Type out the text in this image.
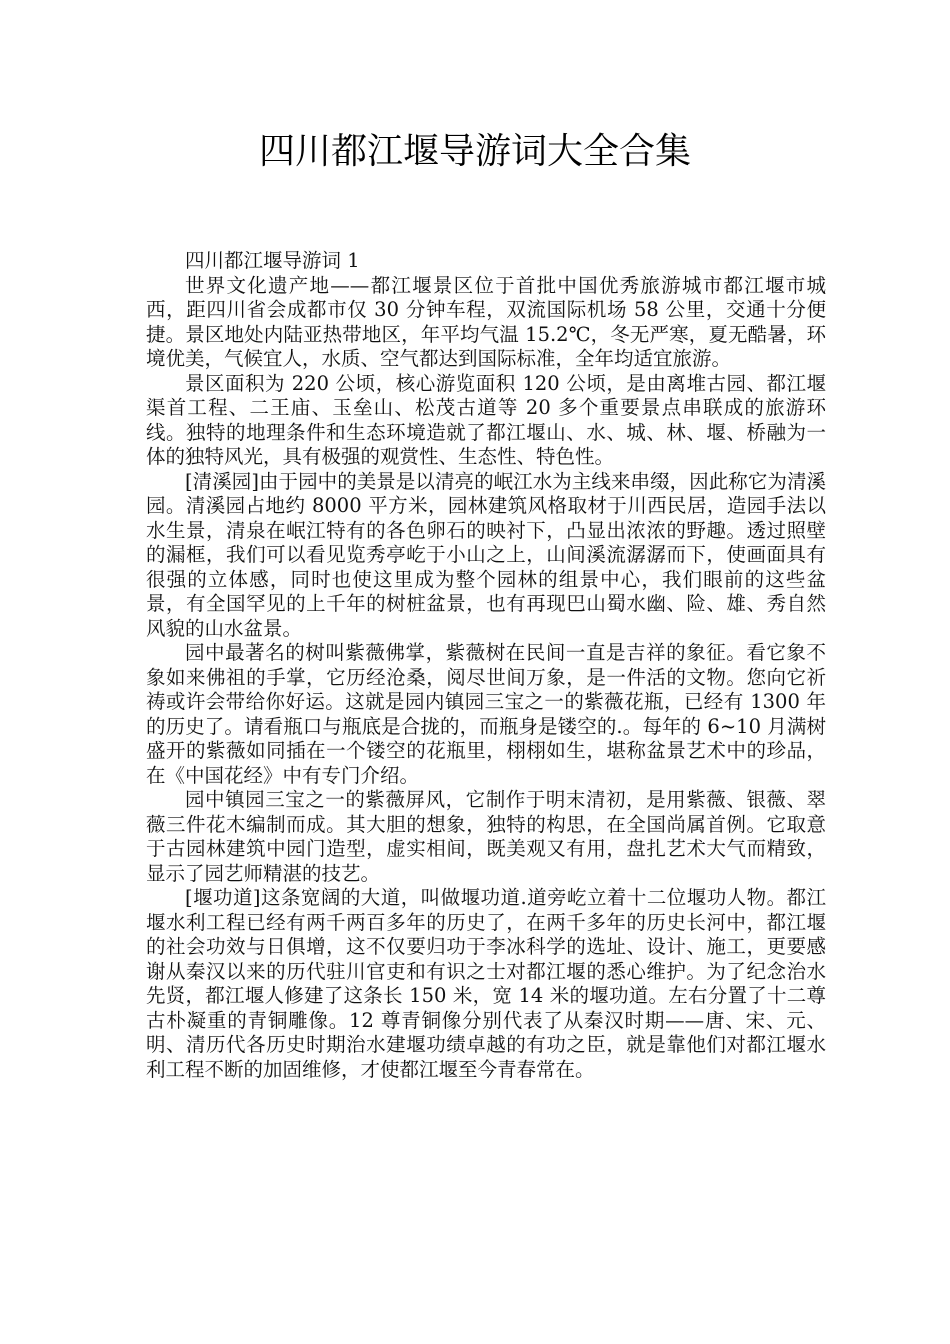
四川都江堰导游词大全合集

四川都江堰导游词 1

世界文化遗产地——都江堰景区位于首批中国优秀旅游城市都江堰市城西，距四川省会成都市仅 30 分钟车程，双流国际机场 58 公里，交通十分便捷。景区地处内陆亚热带地区，年平均气温 15.2℃，冬无严寒，夏无酷暑，环境优美，气候宜人，水质、空气都达到国际标准，全年均适宜旅游。

景区面积为 220 公顷，核心游览面积 120 公顷，是由离堆古园、都江堰渠首工程、二王庙、玉垒山、松茂古道等 20 多个重要景点串联成的旅游环线。独特的地理条件和生态环境造就了都江堰山、水、城、林、堰、桥融为一体的独特风光，具有极强的观赏性、生态性、特色性。

[清溪园]由于园中的美景是以清亮的岷江水为主线来串缀，因此称它为清溪园。清溪园占地约 8000 平方米，园林建筑风格取材于川西民居，造园手法以水生景，清泉在岷江特有的各色卵石的映衬下，凸显出浓浓的野趣。透过照壁的漏框，我们可以看见览秀亭屹于小山之上，山间溪流潺潺而下，使画面具有很强的立体感，同时也使这里成为整个园林的组景中心，我们眼前的这些盆景，有全国罕见的上千年的树桩盆景，也有再现巴山蜀水幽、险、雄、秀自然风貌的山水盆景。

园中最著名的树叫紫薇佛掌，紫薇树在民间一直是吉祥的象征。看它象不象如来佛祖的手掌，它历经沧桑，阅尽世间万象，是一件活的文物。您向它祈祷或许会带给你好运。这就是园内镇园三宝之一的紫薇花瓶，已经有 1300 年的历史了。请看瓶口与瓶底是合拢的，而瓶身是镂空的.。每年的 6~10 月满树盛开的紫薇如同插在一个镂空的花瓶里，栩栩如生，堪称盆景艺术中的珍品，在《中国花经》中有专门介绍。

园中镇园三宝之一的紫薇屏风，它制作于明末清初，是用紫薇、银薇、翠薇三件花木编制而成。其大胆的想象，独特的构思，在全国尚属首例。它取意于古园林建筑中园门造型，虚实相间，既美观又有用，盘扎艺术大气而精致，显示了园艺师精湛的技艺。

[堰功道]这条宽阔的大道，叫做堰功道.道旁屹立着十二位堰功人物。都江堰水利工程已经有两千两百多年的历史了，在两千多年的历史长河中，都江堰的社会功效与日俱增，这不仅要归功于李冰科学的选址、设计、施工，更要感谢从秦汉以来的历代驻川官吏和有识之士对都江堰的悉心维护。为了纪念治水先贤，都江堰人修建了这条长 150 米，宽 14 米的堰功道。左右分置了十二尊古朴凝重的青铜雕像。12 尊青铜像分别代表了从秦汉时期——唐、宋、元、明、清历代各历史时期治水建堰功绩卓越的有功之臣，就是靠他们对都江堰水利工程不断的加固维修，才使都江堰至今青春常在。
